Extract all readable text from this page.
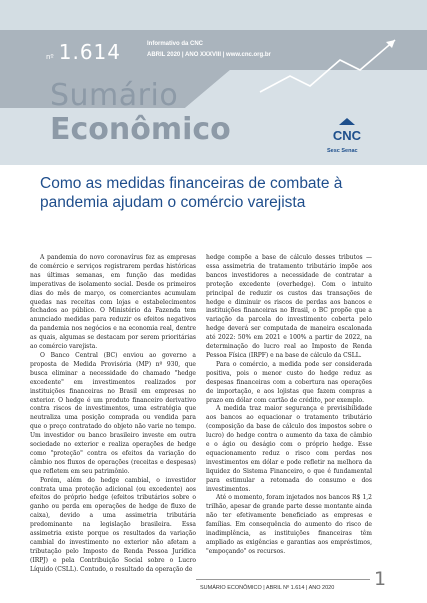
nº 1.614	Informativo da CNC
ABRIL 2020 | ANO XXXVIII | www.cnc.org.br
Sumário
Econômico	CNC
Sesc Senac
Como as medidas financeiras de combate à pandemia ajudam o comércio varejista

A pandemia do novo coronavírus fez as empresas de comércio e serviços registrarem perdas históricas nas últimas semanas, em função das medidas imperativas de isolamento social. Desde os primeiros dias do mês de março, os comerciantes acumulam quedas nas receitas com lojas e estabelecimentos fechados ao público. O Ministério da Fazenda tem anunciado medidas para reduzir os efeitos negativos da pandemia nos negócios e na economia real, dentre as quais, algumas se destacam por serem prioritárias ao comércio varejista.

O Banco Central (BC) enviou ao governo a proposta de Medida Provisória (MP) nº 930, que busca eliminar a necessidade do chamado "hedge excedente" em investimentos realizados por instituições financeiras no Brasil em empresas no exterior. O hedge é um produto financeiro derivativo contra riscos de investimentos, uma estratégia que neutraliza uma posição comprada ou vendida para que o preço contratado do objeto não varie no tempo. Um investidor ou banco brasileiro investe em outra sociedade no exterior e realiza operações de hedge como "proteção" contra os efeitos da variação do câmbio nos fluxos de operações (receitas e despesas) que refletem em seu patrimônio.

Porém, além do hedge cambial, o investidor contrata uma proteção adicional (ou excedente) aos efeitos do próprio hedge (efeitos tributários sobre o ganho ou perda em operações de hedge de fluxo de caixa), devido a uma assimetria tributária predominante na legislação brasileira. Essa assimetria existe porque os resultados da variação cambial do investimento no exterior não afetam a tributação pelo Imposto de Renda Pessoa Jurídica (IRPJ) e pela Contribuição Social sobre o Lucro Líquido (CSLL). Contudo, o resultado da operação de

hedge compõe a base de cálculo desses tributos — essa assimetria de tratamento tributário impõe aos bancos investidores a necessidade de contratar a proteção excedente (overhedge). Com o intuito principal de reduzir os custos das transações de hedge e diminuir os riscos de perdas aos bancos e instituições financeiras no Brasil, o BC propõe que a variação da parcela do investimento coberta pelo hedge deverá ser computada de maneira escalonada até 2022: 50% em 2021 e 100% a partir de 2022, na determinação do lucro real ao Imposto de Renda Pessoa Física (IRPF) e na base de cálculo da CSLL.

Para o comércio, a medida pode ser considerada positiva, pois o menor custo do hedge reduz as despesas financeiras com a cobertura nas operações de importação, e aos lojistas que fazem compras a prazo em dólar com cartão de crédito, por exemplo.

A medida traz maior segurança e previsibilidade aos bancos ao equacionar o tratamento tributário (composição da base de cálculo dos impostos sobre o lucro) do hedge contra o aumento da taxa de câmbio e o ágio ou deságio com o próprio hedge. Esse equacionamento reduz o risco com perdas nos investimentos em dólar e pode refletir na melhora da liquidez do Sistema Financeiro, o que é fundamental para estimular a retomada do consumo e dos investimentos.

Até o momento, foram injetados nos bancos R$ 1,2 trilhão, apesar de grande parte desse montante ainda não ter efetivamente beneficiado as empresas e famílias. Em consequência do aumento do risco de inadimplência, as instituições financeiras têm ampliado as exigências e garantias aos empréstimos, "empoçando" os recursos.

SUMÁRIO ECONÔMICO | ABRIL Nº 1.614 | ANO 2020 1
